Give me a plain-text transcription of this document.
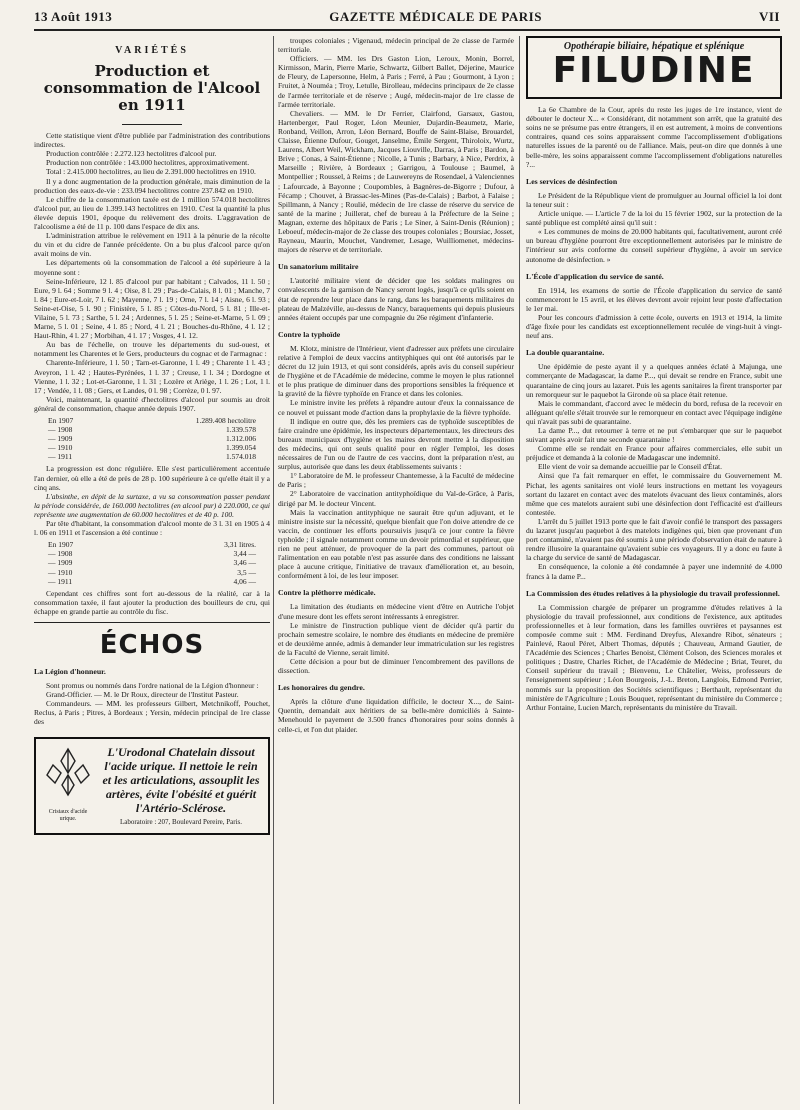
13 Août 1913	GAZETTE MÉDICALE DE PARIS	VII
VARIÉTÉS
Production et consommation de l'Alcool en 1911

Cette statistique vient d'être publiée par l'administration des contributions indirectes.

Production contrôlée : 2.272.123 hectolitres d'alcool pur.

Production non contrôlée : 143.000 hectolitres, approximativement.

Total : 2.415.000 hectolitres, au lieu de 2.391.000 hectolitres en 1910.

Il y a donc augmentation de la production générale, mais diminution de la production des eaux-de-vie : 233.094 hectolitres contre 237.842 en 1910.

Le chiffre de la consommation taxée est de 1 million 574.018 hectolitres d'alcool pur, au lieu de 1.399.143 hectolitres en 1910. C'est la quantité la plus élevée depuis 1901, époque du relèvement des droits. L'aggravation de l'alcoolisme a été de 11 p. 100 dans l'espace de dix ans.

L'administration attribue le relèvement en 1911 à la pénurie de la récolte du vin et du cidre de l'année précédente. On a bu plus d'alcool parce qu'on avait moins de vin.

Les départements où la consommation de l'alcool a été supérieure à la moyenne sont :

Seine-Inférieure, 12 l. 85 d'alcool pur par habitant ; Calvados, 11 l. 50 ; Eure, 9 l. 64 ; Somme 9 l. 4 ; Oise, 8 l. 29 ; Pas-de-Calais, 8 l. 01 ; Manche, 7 l. 84 ; Eure-et-Loir, 7 l. 62 ; Mayenne, 7 l. 19 ; Orne, 7 l. 14 ; Aisne, 6 l. 93 ; Seine-et-Oise, 5 l. 90 ; Finistère, 5 l. 85 ; Côtes-du-Nord, 5 l. 81 ; Ille-et-Vilaine, 5 l. 73 ; Sarthe, 5 l. 24 ; Ardennes, 5 l. 25 ; Seine-et-Marne, 5 l. 09 ; Marne, 5 l. 01 ; Seine, 4 l. 85 ; Nord, 4 l. 21 ; Bouches-du-Rhône, 4 l. 12 ; Haut-Rhin, 4 l. 27 ; Morbihan, 4 l. 17 ; Vosges, 4 l. 12.

Au bas de l'échelle, on trouve les départements du sud-ouest, et notamment les Charentes et le Gers, producteurs du cognac et de l'armagnac :

Charente-Inférieure, 1 l. 50 ; Tarn-et-Garonne, 1 l. 49 ; Charente 1 l. 43 ; Aveyron, 1 l. 42 ; Hautes-Pyrénées, 1 l. 37 ; Creuse, 1 l. 34 ; Dordogne et Vienne, 1 l. 32 ; Lot-et-Garonne, 1 l. 31 ; Lozère et Ariège, 1 l. 26 ; Lot, 1 l. 17 ; Vendée, 1 l. 08 ; Gers, et Landes, 0 l. 98 ; Corrèze, 0 l. 97.

Voici, maintenant, la quantité d'hectolitres d'alcool pur soumis au droit général de consommation, chaque année depuis 1907.

En 1907	1.289.408 hectolitre
— 1908	1.339.578
— 1909	1.312.006
— 1910	1.399.054
— 1911	1.574.018

La progression est donc régulière. Elle s'est particulièrement accentuée l'an dernier, où elle a été de près de 28 p. 100 supérieure à ce qu'elle était il y a cinq ans.

L'absinthe, en dépit de la surtaxe, a vu sa consommation passer pendant la période considérée, de 160.000 hectolitres (en alcool pur) à 220.000, ce qui représente une augmentation de 60.000 hectolitres et de 40 p. 100.

Par tête d'habitant, la consommation d'alcool monte de 3 l. 31 en 1905 à 4 l. 06 en 1911 et l'ascension a été continue :

En 1907	3,31 litres.
— 1908	3,44 —
— 1909	3,46 —
— 1910	3,5 —
— 1911	4,06 —

Cependant ces chiffres sont fort au-dessous de la réalité, car à la consommation taxée, il faut ajouter la production des bouilleurs de cru, qui échappe en grande partie au contrôle du fisc.

ÉCHOS
La Légion d'honneur.

Sont promus ou nommés dans l'ordre national de la Légion d'honneur :

Grand-Officier. — M. le Dr Roux, directeur de l'Institut Pasteur.

Commandeurs. — MM. les professeurs Gilbert, Metchnikoff, Pouchet, Reclus, à Paris ; Pitres, à Bordeaux ; Yersin, médecin principal de 1re classe des

Cristaux d'acide urique.
L'Urodonal Chatelain dissout l'acide urique. Il nettoie le rein et les articulations, assouplit les artères, évite l'obésité et guérit l'Artério-Sclérose.
Laboratoire : 207, Boulevard Pereire, Paris.

troupes coloniales ; Vigenaud, médecin principal de 2e classe de l'armée territoriale.

Officiers. — MM. les Drs Gaston Lion, Leroux, Monin, Borrel, Kirmisson, Marin, Pierre Marie, Schwartz, Gilbert Ballet, Déjerine, Maurice de Fleury, de Lapersonne, Helm, à Paris ; Ferré, à Pau ; Gourmont, à Lyon ; Fruitet, à Nouméa ; Troy, Letulle, Birolleau, médecins principaux de 2e classe de l'armée territoriale et de réserve ; Augé, médecin-major de 1re classe de l'armée territoriale.

Chevaliers. — MM. le Dr Ferrier, Clairfond, Garsaux, Gastou, Hartenberger, Paul Roger, Léon Meunier, Dujardin-Beaumetz, Marie, Ronband, Veillon, Arron, Léon Bernard, Bouffe de Saint-Blaise, Brouardel, Claisse, Étienne Dufour, Gouget, Janselme, Émile Sergent, Thiroloix, Wurtz, Laurens, Albert Weil, Wickham, Jacques Liouville, Darras, à Paris ; Bardon, à Brive ; Conas, à Saint-Étienne ; Nicolle, à Tunis ; Barbary, à Nice, Perdrix, à Marseille ; Rivière, à Bordeaux ; Garrigou, à Toulouse ; Baumel, à Montpellier ; Roussel, à Reims ; de Lauwereyns de Rosendael, à Valenciennes ; Lafourcade, à Bayonne ; Coupombles, à Bagnères-de-Bigorre ; Dufour, à Fécamp ; Chouvet, à Brassac-les-Mines (Pas-de-Calais) ; Barbot, à Falaise ; Spillmann, à Nancy ; Roulié, médecin de 1re classe de réserve du service de santé de la marine ; Juillerat, chef de bureau à la Préfecture de la Seine ; Magnan, externe des hôpitaux de Paris ; Le Siner, à Saint-Denis (Réunion) ; Leboeuf, médecin-major de 2e classe des troupes coloniales ; Boursiac, Josset, Rayneau, Maurin, Mouchet, Vandremer, Lesage, Wuilliomenet, médecins-majors de réserve et de territoriale.

Un sanatorium militaire

L'autorité militaire vient de décider que les soldats malingres ou convalescents de la garnison de Nancy seront logés, jusqu'à ce qu'ils soient en état de reprendre leur place dans le rang, dans les baraquements militaires du plateau de Malzéville, au-dessus de Nancy, baraquements qui depuis plusieurs années étaient occupés par une compagnie du 26e régiment d'infanterie.

Contre la typhoïde

M. Klotz, ministre de l'Intérieur, vient d'adresser aux préfets une circulaire relative à l'emploi de deux vaccins antityphiques qui ont été autorisés par le décret du 12 juin 1913, et qui sont considérés, après avis du conseil supérieur de l'hygiène et de l'Académie de médecine, comme le moyen le plus rationnel et le plus pratique de diminuer dans des proportions sensibles la fréquence et la gravité de la fièvre typhoïde en France et dans les colonies.

Le ministre invite les préfets à répandre autour d'eux la connaissance de ce nouvel et puissant mode d'action dans la prophylaxie de la fièvre typhoïde.

Il indique en outre que, dès les premiers cas de typhoïde susceptibles de faire craindre une épidémie, les inspecteurs départementaux, les directeurs des bureaux municipaux d'hygiène et les maires devront mettre à la disposition des médecins, qui ont seuls qualité pour en régler l'emploi, les doses nécessaires de l'un ou de l'autre de ces vaccins, dont la préparation n'est, au surplus, autorisée que dans les deux établissements suivants :

1° Laboratoire de M. le professeur Chantemesse, à la Faculté de médecine de Paris ;

2° Laboratoire de vaccination antityphoïdique du Val-de-Grâce, à Paris, dirigé par M. le docteur Vincent.

Mais la vaccination antityphique ne saurait être qu'un adjuvant, et le ministre insiste sur la nécessité, quelque bienfait que l'on doive attendre de ce vaccin, de continuer les efforts poursuivis jusqu'à ce jour contre la fièvre typhoïde ; il signale notamment comme un devoir primordial et supérieur, que rien ne peut atténuer, de provoquer de la part des communes, partout où l'alimentation en eau potable n'est pas assurée dans des conditions ne laissant place à aucune critique, l'initiative de travaux d'amélioration et, au besoin, conformément à loi, de les leur imposer.

Contre la pléthorre médicale.

La limitation des étudiants en médecine vient d'être en Autriche l'objet d'une mesure dont les effets seront intéressants à enregistrer.

Le ministre de l'instruction publique vient de décider qu'à partir du prochain semestre scolaire, le nombre des étudiants en médecine de première et de deuxième année, admis à demander leur immatriculation sur les registres de la Faculté de Vienne, serait limité.

Cette décision a pour but de diminuer l'encombrement des pavillons de dissection.

Les honoraires du gendre.

Après la clôture d'une liquidation difficile, le docteur X..., de Saint-Quentin, demandait aux héritiers de sa belle-mère domiciliés à Sainte-Menehould le payement de 3.500 francs d'honoraires pour soins donnés à celle-ci, et l'on dut plaider.

Opothérapie biliaire, hépatique et splénique
FILUDINE

La 6e Chambre de la Cour, après du reste les juges de 1re instance, vient de débouter le docteur X... « Considérant, dit notamment son arrêt, que la gratuité des soins ne se présume pas entre étrangers, il en est autrement, à moins de conventions contraires, quand ces soins apparaissent comme l'accomplissement d'obligations naturelles issues de la parenté ou de l'alliance. Mais, peut-on dire que donnés à une belle-mère, les soins apparaissent comme l'accomplissement d'obligations naturelles ?...

Les services de désinfection

Le Président de la République vient de promulguer au Journal officiel la loi dont la teneur suit :

Article unique. — L'article 7 de la loi du 15 février 1902, sur la protection de la santé publique est complété ainsi qu'il suit :

« Les communes de moins de 20.000 habitants qui, facultativement, auront créé un bureau d'hygiène pourront être exceptionnellement autorisées par le ministre de l'intérieur sur avis conforme du conseil supérieur d'hygiène, à avoir un service autonome de désinfection. »

L'École d'application du service de santé.

En 1914, les examens de sortie de l'École d'application du service de santé commenceront le 15 avril, et les élèves devront avoir rejoint leur poste d'affectation le 1er mai.

Pour les concours d'admission à cette école, ouverts en 1913 et 1914, la limite d'âge fixée pour les candidats est exceptionnellement reculée de vingt-huit à vingt-neuf ans.

La double quarantaine.

Une épidémie de peste ayant il y a quelques années éclaté à Majunga, une commerçante de Madagascar, la dame P..., qui devait se rendre en France, subit une quarantaine de cinq jours au lazaret. Puis les agents sanitaires la firent transporter par un remorqueur sur le paquebot la Gironde où sa place était retenue.

Mais le commandant, d'accord avec le médecin du bord, refusa de la recevoir en alléguant qu'elle s'était trouvée sur le remorqueur en contact avec l'équipage indigène qui n'avait pas subi de quarantaine.

La dame P..., dut retourner à terre et ne put s'embarquer que sur le paquebot suivant après avoir fait une seconde quarantaine !

Comme elle se rendait en France pour affaires commerciales, elle subit un préjudice et demanda à la colonie de Madagascar une indemnité.

Elle vient de voir sa demande accueillie par le Conseil d'État.

Ainsi que l'a fait remarquer en effet, le commissaire du Gouvernement M. Pichat, les agents sanitaires ont violé leurs instructions en mettant les voyageurs sortant du lazaret en contact avec des matelots évacuant des lieux contaminés, alors même que ces matelots auraient subi une désinfection dont l'efficacité est d'ailleurs contestée.

L'arrêt du 5 juillet 1913 porte que le fait d'avoir confié le transport des passagers du lazaret jusqu'au paquebot à des matelots indigènes qui, bien que provenant d'un port contaminé, n'avaient pas été soumis à une période d'observation était de nature à rendre illusoire la quarantaine qu'avaient subie ces voyageurs. Il y a donc eu faute à la charge du service de santé de Madagascar.

En conséquence, la colonie a été condamnée à payer une indemnité de 4.000 francs à la dame P...

La Commission des études relatives à la physiologie du travail professionnel.

La Commission chargée de préparer un programme d'études relatives à la physiologie du travail professionnel, aux conditions de l'existence, aux aptitudes professionnelles et à leur formation, dans les familles ouvrières et paysannes est composée comme suit : MM. Ferdinand Dreyfus, Alexandre Ribot, sénateurs ; Painlevé, Raoul Péret, Albert Thomas, députés ; Chauveau, Armand Gautier, de l'Académie des Sciences ; Charles Benoist, Clément Colson, des Sciences morales et politiques ; Dastre, Charles Richet, de l'Académie de Médecine ; Briat, Teuret, du Conseil supérieur du travail ; Bienvenu, Le Châtelier, Weiss, professeurs de l'enseignement supérieur ; Léon Bourgeois, J.-L. Breton, Langlois, Edmond Perrier, nommés sur la proposition des Sociétés scientifiques ; Berthault, représentant du ministère de l'Agriculture ; Louis Bouquet, représentant du ministère du Commerce ; Arthur Fontaine, Lucien March, représentants du ministère du Travail.
